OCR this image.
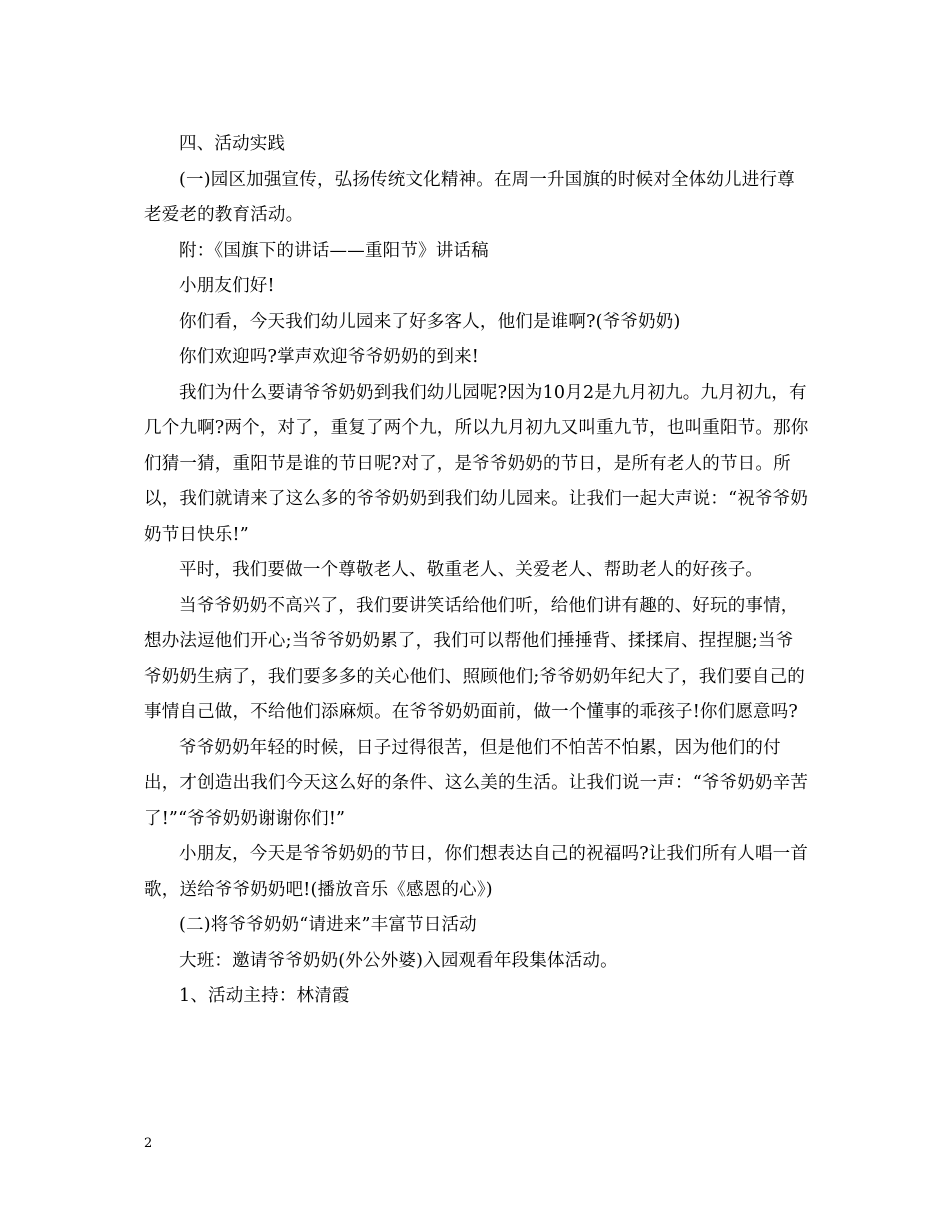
四、活动实践

(一)园区加强宣传，弘扬传统文化精神。在周一升国旗的时候对全体幼儿进行尊老爱老的教育活动。

附：《国旗下的讲话——重阳节》讲话稿

小朋友们好!

你们看，今天我们幼儿园来了好多客人，他们是谁啊?(爷爷奶奶)

你们欢迎吗?掌声欢迎爷爷奶奶的到来!

我们为什么要请爷爷奶奶到我们幼儿园呢?因为10月2是九月初九。九月初九，有几个九啊?两个，对了，重复了两个九，所以九月初九又叫重九节，也叫重阳节。那你们猜一猜，重阳节是谁的节日呢?对了，是爷爷奶奶的节日，是所有老人的节日。所以，我们就请来了这么多的爷爷奶奶到我们幼儿园来。让我们一起大声说：“祝爷爷奶奶节日快乐!”

平时，我们要做一个尊敬老人、敬重老人、关爱老人、帮助老人的好孩子。

当爷爷奶奶不高兴了，我们要讲笑话给他们听，给他们讲有趣的、好玩的事情，想办法逗他们开心;当爷爷奶奶累了，我们可以帮他们捶捶背、揉揉肩、捏捏腿;当爷爷奶奶生病了，我们要多多的关心他们、照顾他们;爷爷奶奶年纪大了，我们要自己的事情自己做，不给他们添麻烦。在爷爷奶奶面前，做一个懂事的乖孩子!你们愿意吗?

爷爷奶奶年轻的时候，日子过得很苦，但是他们不怕苦不怕累，因为他们的付出，才创造出我们今天这么好的条件、这么美的生活。让我们说一声：“爷爷奶奶辛苦了!”“爷爷奶奶谢谢你们!”

小朋友，今天是爷爷奶奶的节日，你们想表达自己的祝福吗?让我们所有人唱一首歌，送给爷爷奶奶吧!(播放音乐《感恩的心》)

(二)将爷爷奶奶“请进来”丰富节日活动

大班：邀请爷爷奶奶(外公外婆)入园观看年段集体活动。

1、活动主持：林清霞

2
